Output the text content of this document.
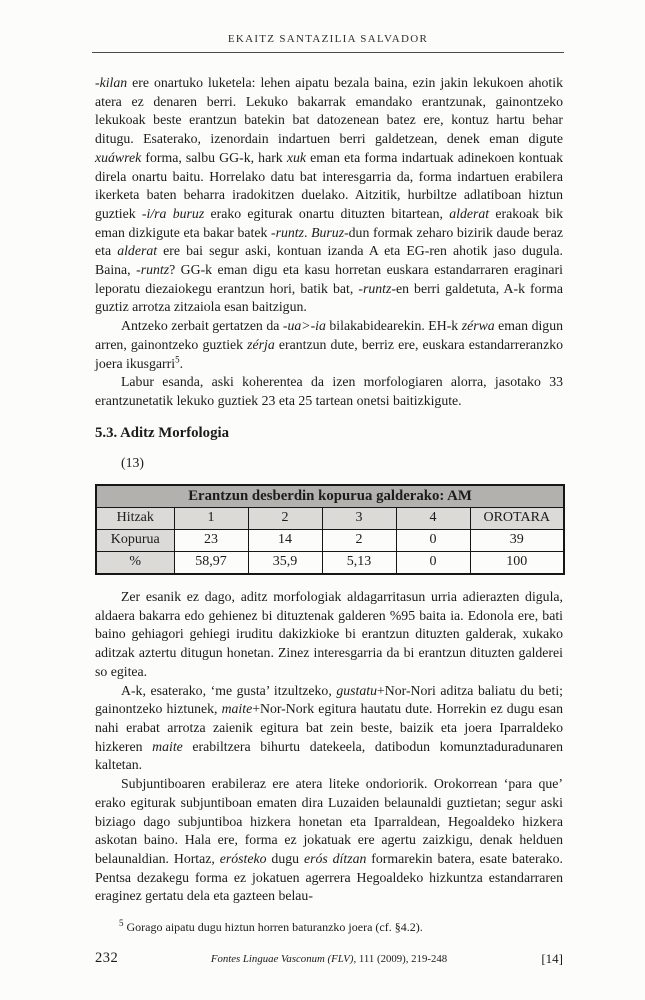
EKAITZ SANTAZILIA SALVADOR

-kilan ere onartuko luketela: lehen aipatu bezala baina, ezin jakin lekukoen ahotik atera ez denaren berri. Lekuko bakarrak emandako erantzunak, gainontzeko lekukoak beste erantzun batekin bat datozenean batez ere, kontuz hartu behar ditugu. Esaterako, izenordain indartuen berri galdetzean, denek eman digute xuáwrek forma, salbu GG-k, hark xuk eman eta forma indartuak adinekoen kontuak direla onartu baitu. Horrelako datu bat interesgarria da, forma indartuen erabilera ikerketa baten beharra iradokitzen duelako. Aitzitik, hurbiltze adlatiboan hiztun guztiek -i/ra buruz erako egiturak onartu dituzten bitartean, alderat erakoak bik eman dizkigute eta bakar batek -runtz. Buruz-dun formak zeharo bizirik daude beraz eta alderat ere bai segur aski, kontuan izanda A eta EG-ren ahotik jaso dugula. Baina, -runtz? GG-k eman digu eta kasu horretan euskara estandarraren eraginari leporatu diezaiokegu erantzun hori, batik bat, -runtz-en berri galdetuta, A-k forma guztiz arrotza zitzaiola esan baitzigun.

Antzeko zerbait gertatzen da -ua>-ia bilakabidearekin. EH-k zérwa eman digun arren, gainontzeko guztiek zérja erantzun dute, berriz ere, euskara estandarreranzko joera ikusgarri$^5$.

Labur esanda, aski koherentea da izen morfologiaren alorra, jasotako 33 erantzunetatik lekuko guztiek 23 eta 25 tartean onetsi baitizkigute.

5.3. Aditz Morfologia
(13)
Erantzun desberdin kopurua galderako: AM					
Hitzak	1	2	3	4	OROTARA
Kopurua	23	14	2	0	39
%	58,97	35,9	5,13	0	100

Zer esanik ez dago, aditz morfologiak aldagarritasun urria adierazten digula, aldaera bakarra edo gehienez bi dituztenak galderen %95 baita ia. Edonola ere, bati baino gehiagori gehiegi iruditu dakizkioke bi erantzun dituzten galderak, xukako aditzak aztertu ditugun honetan. Zinez interesgarria da bi erantzun dituzten galderei so egitea.

A-k, esaterako, ‘me gusta’ itzultzeko, gustatu+Nor-Nori aditza baliatu du beti; gainontzeko hiztunek, maite+Nor-Nork egitura hautatu dute. Horrekin ez dugu esan nahi erabat arrotza zaienik egitura bat zein beste, baizik eta joera Iparraldeko hizkeren maite erabiltzera bihurtu datekeela, datibodun komunztaduradunaren kaltetan.

Subjuntiboaren erabileraz ere atera liteke ondoriorik. Orokorrean ‘para que’ erako egiturak subjuntiboan ematen dira Luzaiden belaunaldi guztietan; segur aski biziago dago subjuntiboa hizkera honetan eta Iparraldean, Hegoaldeko hizkera askotan baino. Hala ere, forma ez jokatuak ere agertu zaizkigu, denak helduen belaunaldian. Hortaz, erósteko dugu erós dítzan formarekin batera, esate baterako. Pentsa dezakegu forma ez jokatuen agerrera Hegoaldeko hizkuntza estandarraren eraginez gertatu dela eta gazteen belau-

$^5$ Gorago aipatu dugu hiztun horren baturanzko joera (cf. §4.2).
232	Fontes Linguae Vasconum (FLV), 111 (2009), 219-248	[14]
